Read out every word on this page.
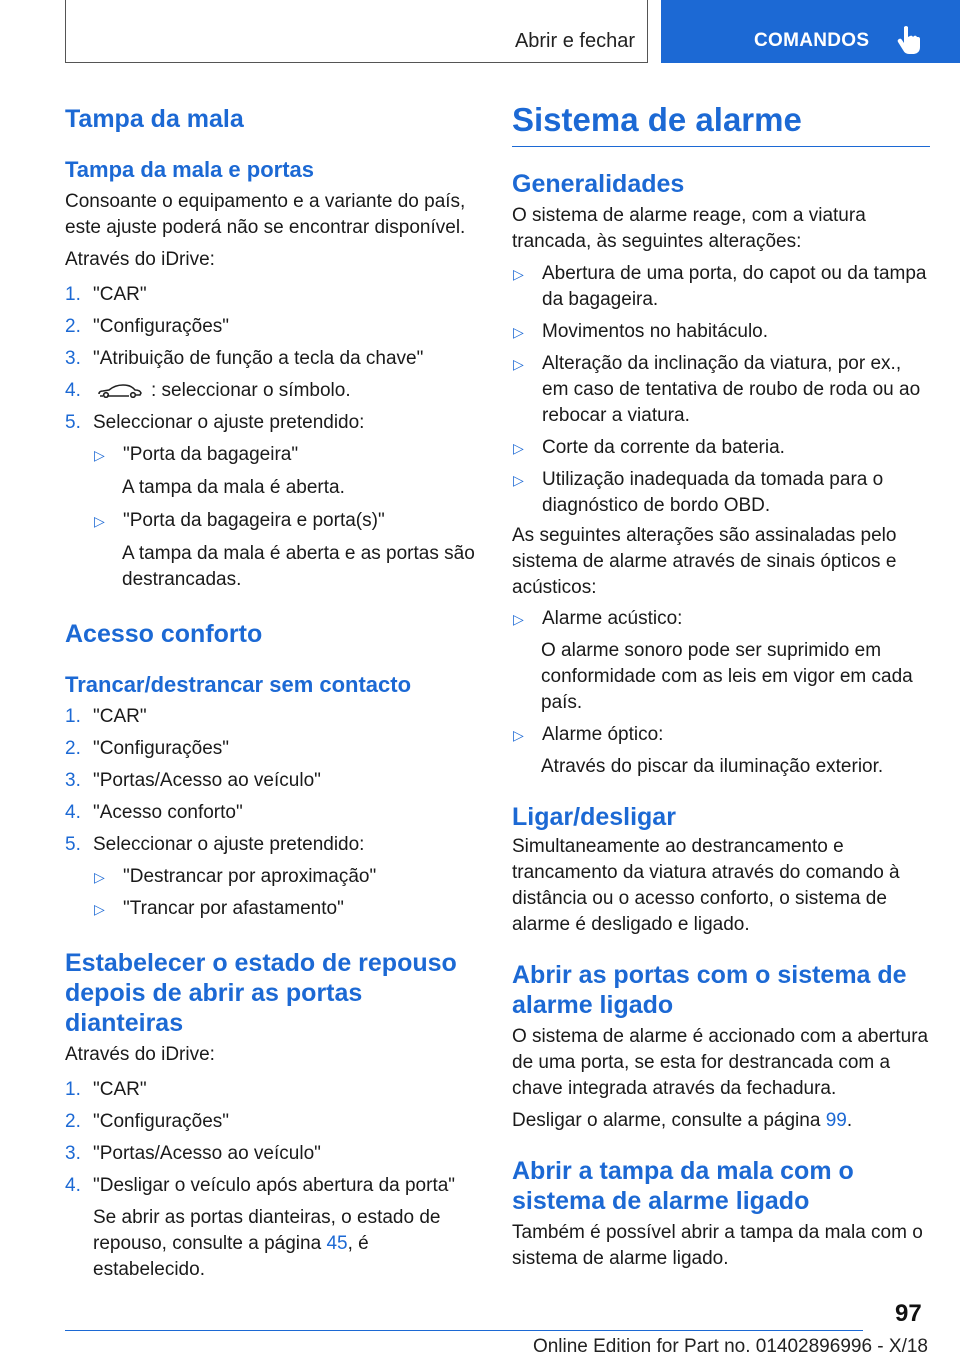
Abrir e fechar	COMANDOS
Tampa da mala
Tampa da mala e portas

Consoante o equipamento e a variante do país, este ajuste poderá não se encontrar disponível.

Através do iDrive:

1. "CAR"
2. "Configurações"
3. "Atribuição de função a tecla da chave"
4.	: seleccionar o símbolo.
5. Seleccionar o ajuste pretendido:
▷ "Porta da bagageira"

A tampa da mala é aberta.

▷ "Porta da bagageira e porta(s)"

A tampa da mala é aberta e as portas são destrancadas.

Acesso conforto
Trancar/destrancar sem contacto
1. "CAR"
2. "Configurações"
3. "Portas/Acesso ao veículo"
4. "Acesso conforto"
5. Seleccionar o ajuste pretendido:
▷ "Destrancar por aproximação"
▷ "Trancar por afastamento"
Estabelecer o estado de repouso depois de abrir as portas dianteiras

Através do iDrive:

1. "CAR"
2. "Configurações"
3. "Portas/Acesso ao veículo"
4. "Desligar o veículo após abertura da porta"

Se abrir as portas dianteiras, o estado de repouso, consulte a página 45, é estabelecido.

Sistema de alarme
Generalidades

O sistema de alarme reage, com a viatura trancada, às seguintes alterações:

▷ Abertura de uma porta, do capot ou da tampa da bagageira.
▷ Movimentos no habitáculo.
▷ Alteração da inclinação da viatura, por ex., em caso de tentativa de roubo de roda ou ao rebocar a viatura.
▷ Corte da corrente da bateria.
▷ Utilização inadequada da tomada para o diagnóstico de bordo OBD.

As seguintes alterações são assinaladas pelo sistema de alarme através de sinais ópticos e acústicos:

▷ Alarme acústico:

O alarme sonoro pode ser suprimido em conformidade com as leis em vigor em cada país.

▷ Alarme óptico:

Através do piscar da iluminação exterior.

Ligar/desligar

Simultaneamente ao destrancamento e trancamento da viatura através do comando à distância ou o acesso conforto, o sistema de alarme é desligado e ligado.

Abrir as portas com o sistema de alarme ligado

O sistema de alarme é accionado com a abertura de uma porta, se esta for destrancada com a chave integrada através da fechadura.

Desligar o alarme, consulte a página 99.

Abrir a tampa da mala com o sistema de alarme ligado

Também é possível abrir a tampa da mala com o sistema de alarme ligado.

97
Online Edition for Part no. 01402896996 - X/18
